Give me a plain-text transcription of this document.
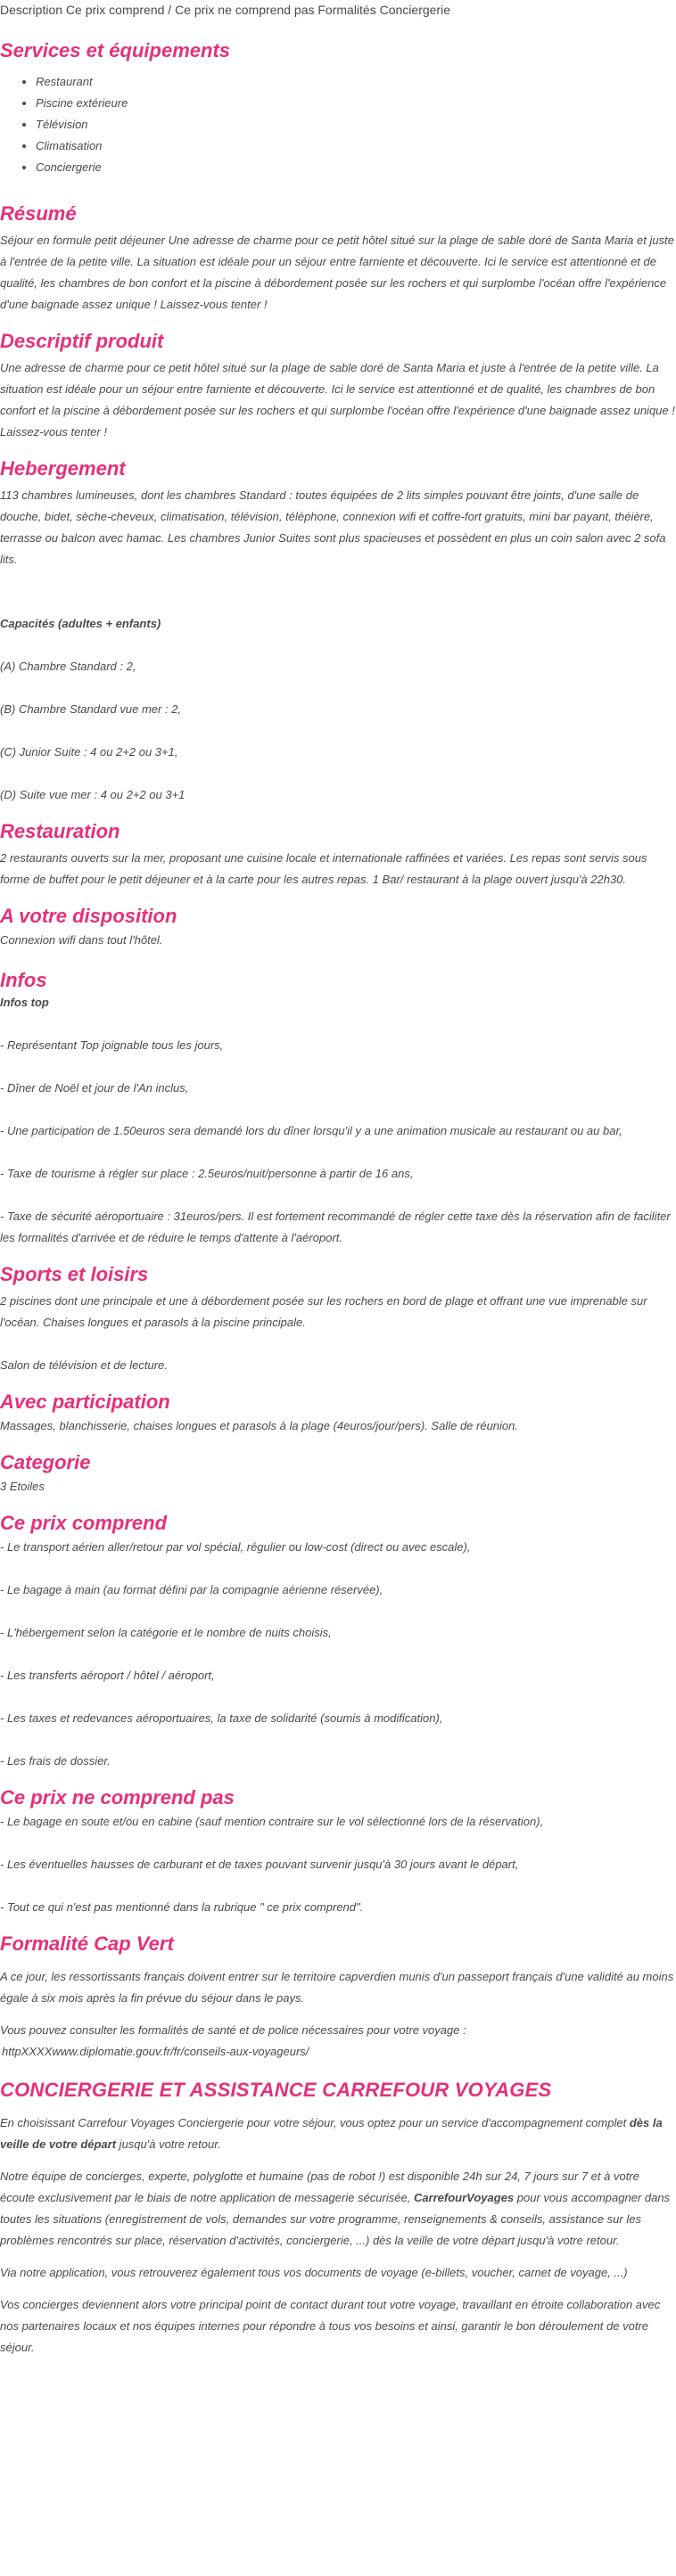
Description Ce prix comprend / Ce prix ne comprend pas Formalités Conciergerie

Services et équipements
• Restaurant
• Piscine extérieure
• Télévision
• Climatisation
• Conciergerie
Résumé

Séjour en formule petit déjeuner Une adresse de charme pour ce petit hôtel situé sur la plage de sable doré de Santa Maria et juste à l'entrée de la petite ville. La situation est idéale pour un séjour entre farniente et découverte. Ici le service est attentionné et de qualité, les chambres de bon confort et la piscine à débordement posée sur les rochers et qui surplombe l'océan offre l'expérience d'une baignade assez unique ! Laissez-vous tenter !

Descriptif produit

Une adresse de charme pour ce petit hôtel situé sur la plage de sable doré de Santa Maria et juste à l'entrée de la petite ville. La situation est idéale pour un séjour entre farniente et découverte. Ici le service est attentionné et de qualité, les chambres de bon confort et la piscine à débordement posée sur les rochers et qui surplombe l'océan offre l'expérience d'une baignade assez unique ! Laissez-vous tenter !

Hebergement

113 chambres lumineuses, dont les chambres Standard : toutes équipées de 2 lits simples pouvant être joints, d'une salle de douche, bidet, sèche-cheveux, climatisation, télévision, téléphone, connexion wifi et coffre-fort gratuits, mini bar payant, théière, terrasse ou balcon avec hamac. Les chambres Junior Suites sont plus spacieuses et possèdent en plus un coin salon avec 2 sofa lits.

Capacités (adultes + enfants)

(A) Chambre Standard : 2,

(B) Chambre Standard vue mer : 2,

(C) Junior Suite : 4 ou 2+2 ou 3+1,

(D) Suite vue mer : 4 ou 2+2 ou 3+1

Restauration

2 restaurants ouverts sur la mer, proposant une cuisine locale et internationale raffinées et variées. Les repas sont servis sous forme de buffet pour le petit déjeuner et à la carte pour les autres repas. 1 Bar/ restaurant à la plage ouvert jusqu'à 22h30.

A votre disposition

Connexion wifi dans tout l'hôtel.

Infos

Infos top

- Représentant Top joignable tous les jours,

- Dîner de Noël et jour de l'An inclus,

- Une participation de 1.50euros sera demandé lors du dîner lorsqu'il y a une animation musicale au restaurant ou au bar,

- Taxe de tourisme à régler sur place : 2.5euros/nuit/personne à partir de 16 ans,

- Taxe de sécurité aéroportuaire : 31euros/pers. Il est fortement recommandé de régler cette taxe dès la réservation afin de faciliter les formalités d'arrivée et de réduire le temps d'attente à l'aéroport.

Sports et loisirs

2 piscines dont une principale et une à débordement posée sur les rochers en bord de plage et offrant une vue imprenable sur l'océan. Chaises longues et parasols à la piscine principale.

Salon de télévision et de lecture.

Avec participation

Massages, blanchisserie, chaises longues et parasols à la plage (4euros/jour/pers). Salle de réunion.

Categorie

3 Etoiles

Ce prix comprend

- Le transport aérien aller/retour par vol spécial, régulier ou low-cost (direct ou avec escale),

- Le bagage à main (au format défini par la compagnie aérienne réservée),

- L'hébergement selon la catégorie et le nombre de nuits choisis,

- Les transferts aéroport / hôtel / aéroport,

- Les taxes et redevances aéroportuaires, la taxe de solidarité (soumis à modification),

- Les frais de dossier.

Ce prix ne comprend pas

- Le bagage en soute et/ou en cabine (sauf mention contraire sur le vol sélectionné lors de la réservation),

- Les éventuelles hausses de carburant et de taxes pouvant survenir jusqu'à 30 jours avant le départ,

- Tout ce qui n'est pas mentionné dans la rubrique " ce prix comprend".

Formalité Cap Vert

A ce jour, les ressortissants français doivent entrer sur le territoire capverdien munis d'un passeport français d'une validité au moins égale à six mois après la fin prévue du séjour dans le pays.

Vous pouvez consulter les formalités de santé et de police nécessaires pour votre voyage :

httpXXXXwww.diplomatie.gouv.fr/fr/conseils-aux-voyageurs/

CONCIERGERIE ET ASSISTANCE CARREFOUR VOYAGES

En choisissant Carrefour Voyages Conciergerie pour votre séjour, vous optez pour un service d'accompagnement complet dès la veille de votre départ jusqu'à votre retour.

Notre équipe de concierges, experte, polyglotte et humaine (pas de robot !) est disponible 24h sur 24, 7 jours sur 7 et à votre écoute exclusivement par le biais de notre application de messagerie sécurisée, CarrefourVoyages pour vous accompagner dans toutes les situations (enregistrement de vols, demandes sur votre programme, renseignements & conseils, assistance sur les problèmes rencontrés sur place, réservation d'activités, conciergerie, ...) dès la veille de votre départ jusqu'à votre retour.

Via notre application, vous retrouverez également tous vos documents de voyage (e-billets, voucher, carnet de voyage, ...)

Vos concierges deviennent alors votre principal point de contact durant tout votre voyage, travaillant en étroite collaboration avec nos partenaires locaux et nos équipes internes pour répondre à tous vos besoins et ainsi, garantir le bon déroulement de votre séjour.
